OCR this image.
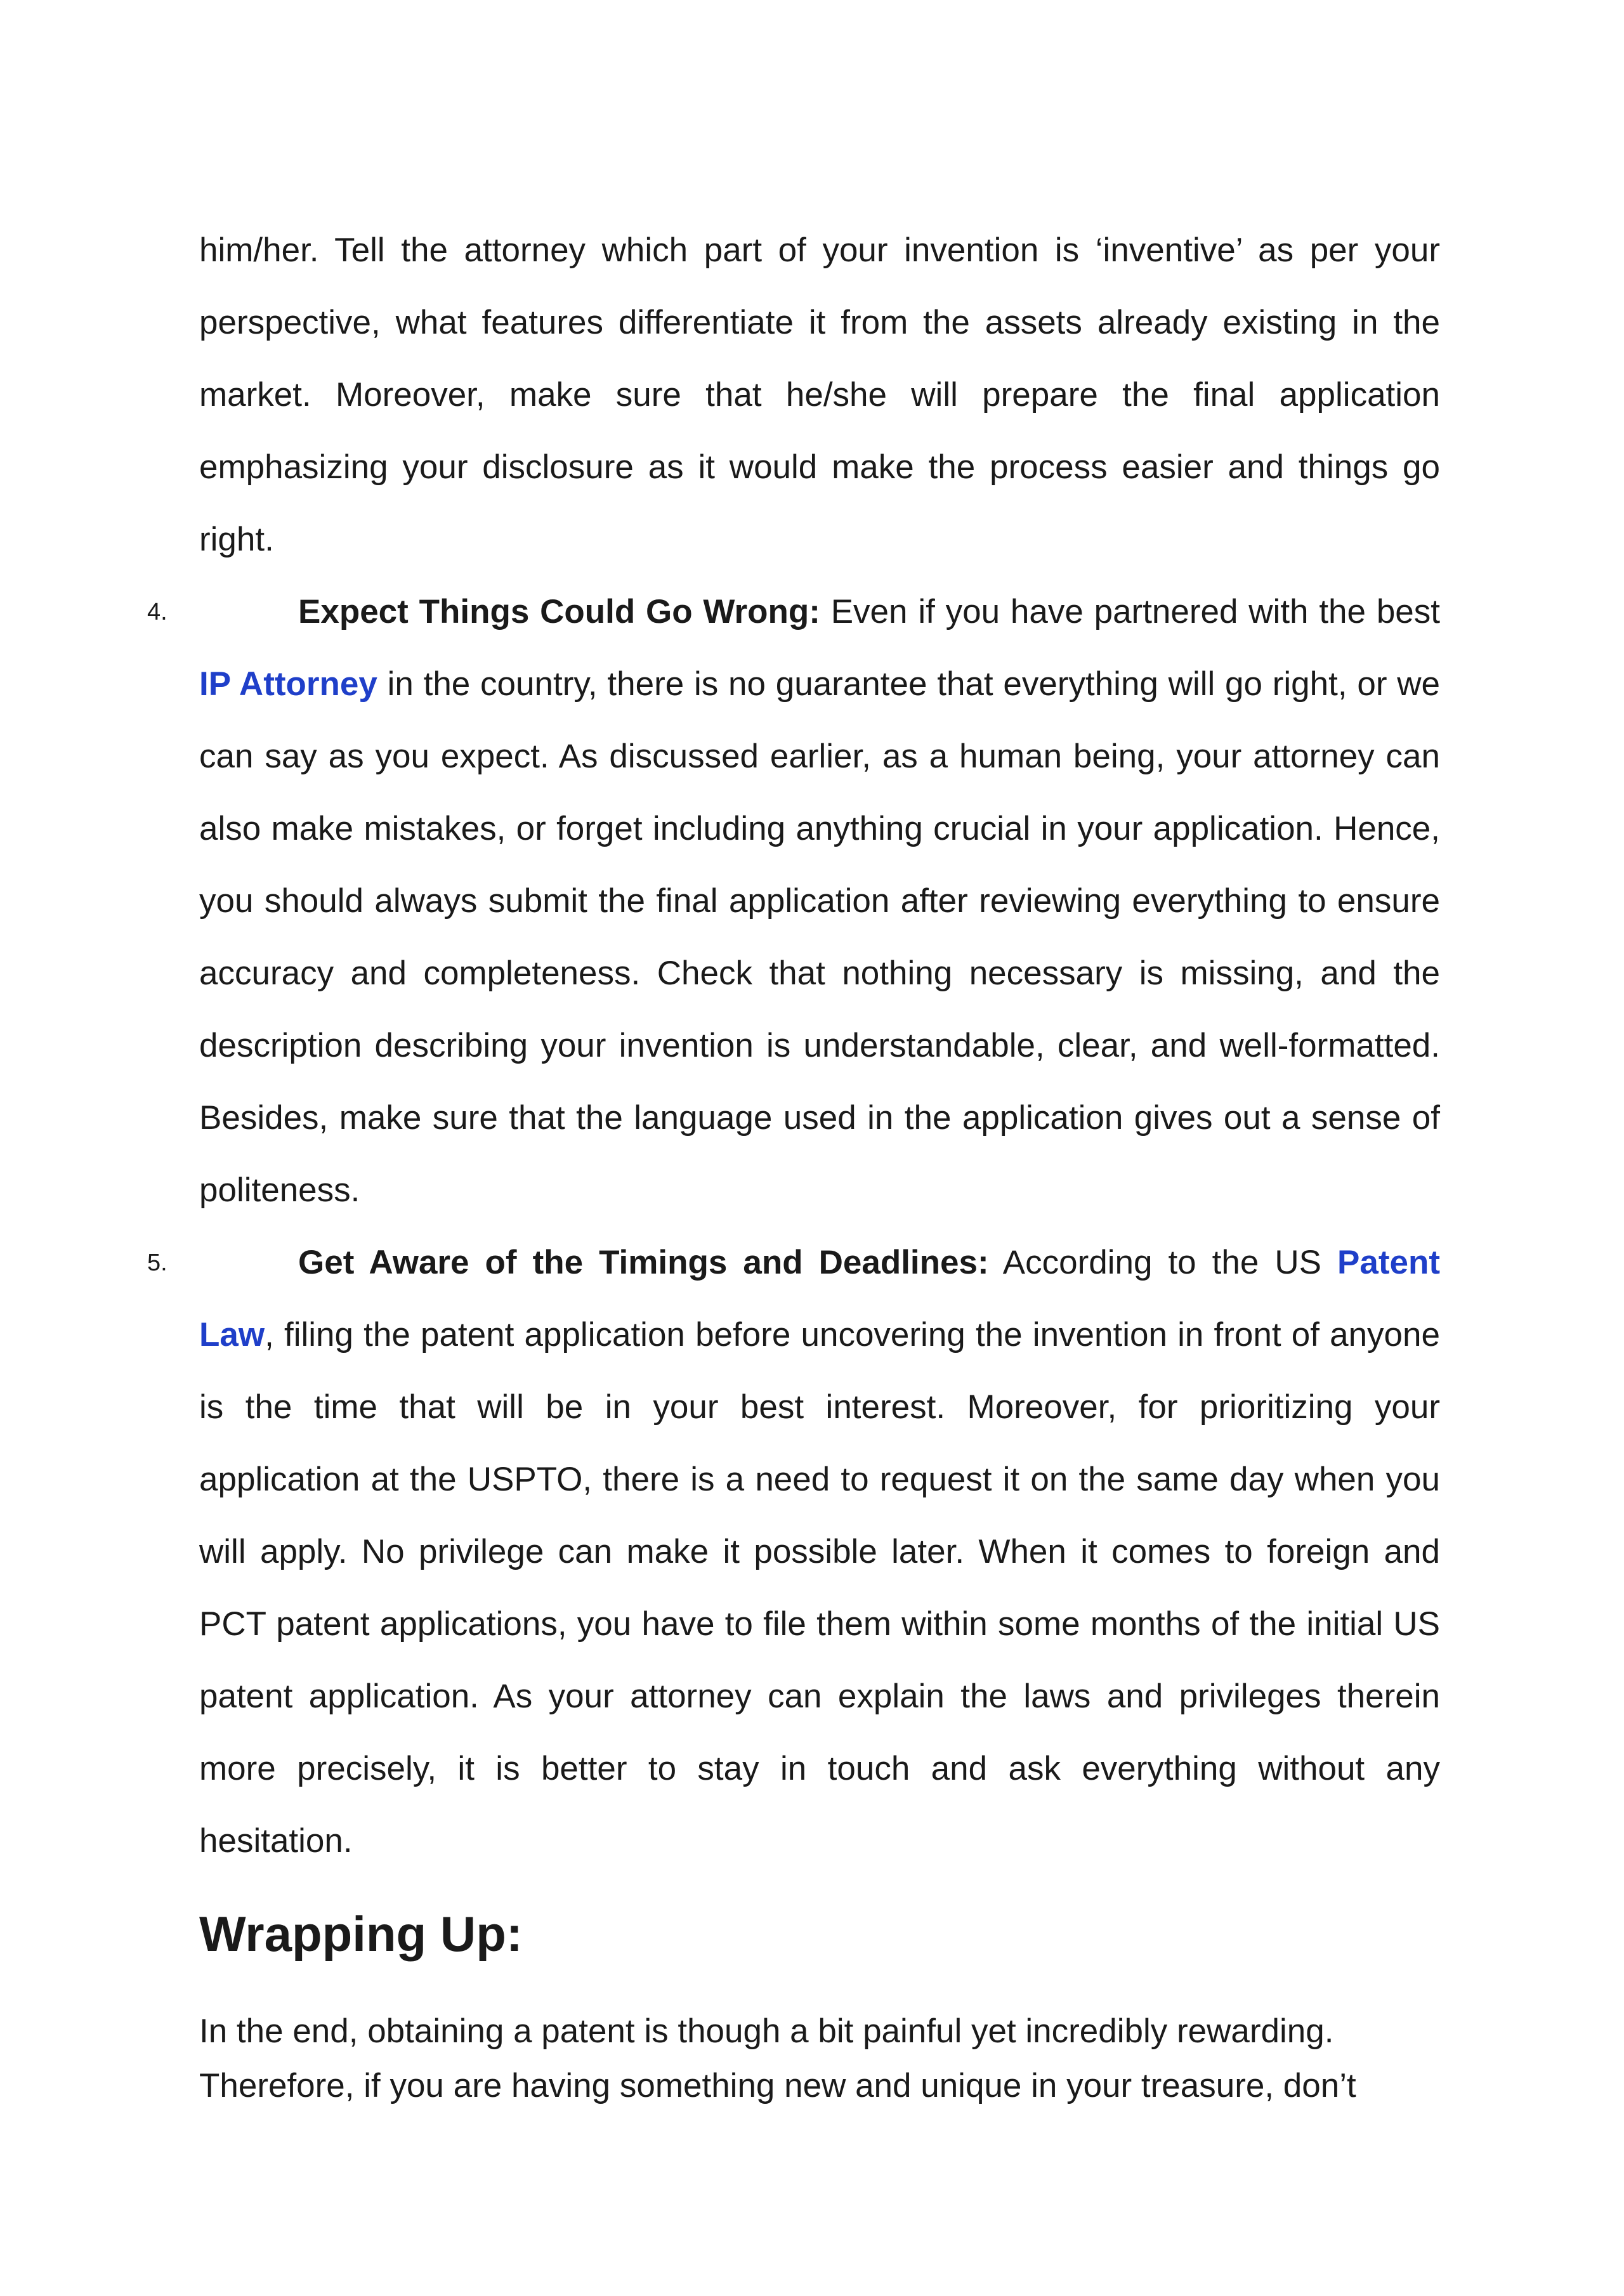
him/her. Tell the attorney which part of your invention is ‘inventive’ as per your perspective, what features differentiate it from the assets already existing in the market. Moreover, make sure that he/she will prepare the final application emphasizing your disclosure as it would make the process easier and things go right.

4.	Expect Things Could Go Wrong: Even if you have partnered with the best IP Attorney in the country, there is no guarantee that everything will go right, or we can say as you expect. As discussed earlier, as a human being, your attorney can also make mistakes, or forget including anything crucial in your application. Hence, you should always submit the final application after reviewing everything to ensure accuracy and completeness. Check that nothing necessary is missing, and the description describing your invention is understandable, clear, and well-formatted. Besides, make sure that the language used in the application gives out a sense of politeness.

5.	Get Aware of the Timings and Deadlines: According to the US Patent Law, filing the patent application before uncovering the invention in front of anyone is the time that will be in your best interest. Moreover, for prioritizing your application at the USPTO, there is a need to request it on the same day when you will apply. No privilege can make it possible later. When it comes to foreign and PCT patent applications, you have to file them within some months of the initial US patent application. As your attorney can explain the laws and privileges therein more precisely, it is better to stay in touch and ask everything without any hesitation.

Wrapping Up:

In the end, obtaining a patent is though a bit painful yet incredibly rewarding. Therefore, if you are having something new and unique in your treasure, don’t
